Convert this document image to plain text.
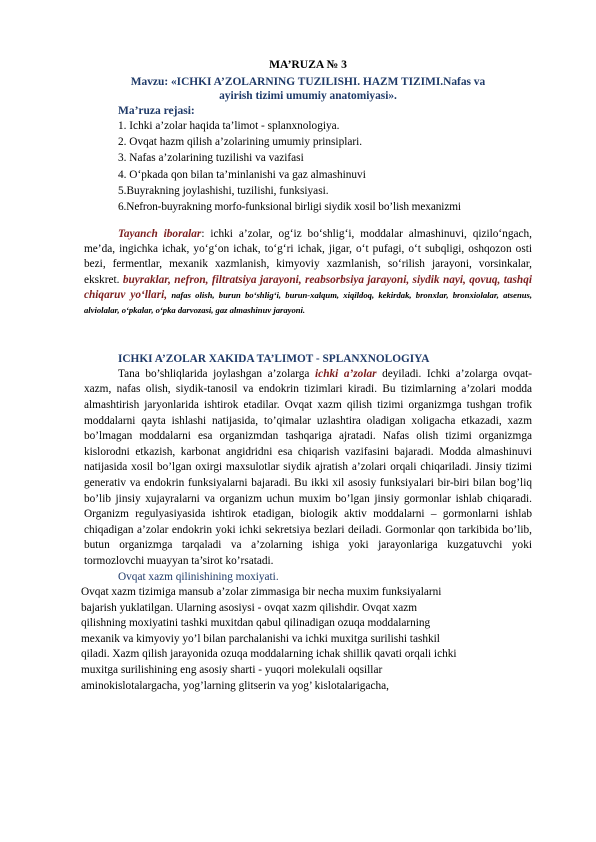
MA’RUZA № 3
Mavzu: «ICHKI A’ZOLARNING TUZILISHI. HAZM TIZIMI.Nafas va
ayirish tizimi umumiy anatomiyasi».
Ma’ruza rejasi:
1. Ichki a’zolar haqida ta’limot - splanxnologiya.
2. Ovqat hazm qilish a’zolarining umumiy prinsiplari.
3. Nafas a’zolarining tuzilishi va vazifasi
4. O‘pkada qon bilan ta’minlanishi va gaz almashinuvi
5.Buyrakning joylashishi, tuzilishi, funksiyasi.
6.Nefron-buyrakning morfo-funksional birligi siydik xosil bo’lish mexanizmi
Tayanch iboralar: ichki a’zolar, og‘iz bo‘shlig‘i, moddalar almashinuvi, qizilo‘ngach, me’da, ingichka ichak, yo‘g‘on ichak, to‘g‘ri ichak, jigar, o‘t pufagi, o‘t subqligi, oshqozon osti bezi, fermentlar, mexanik xazmlanish, kimyoviy xazmlanish, so‘rilish jarayoni, vorsinkalar, ekskret. buyraklar, nefron, filtratsiya jarayoni, reabsorbsiya jarayoni, siydik nayi, qovuq, tashqi chiqaruv yo‘llari, nafas olish, burun bo‘shlig‘i, burun-xalqum, xiqildoq, kekirdak, bronxlar, bronxiolalar, atsenus, alviolalar, o‘pkalar, o‘pka darvozasi, gaz almashinuv jarayoni.
ICHKI A’ZOLAR XAKIDA TA’LIMOT - SPLANXNOLOGIYA
Tana bo’shliqlarida joylashgan a’zolarga ichki a’zolar deyiladi. Ichki a’zolarga ovqat-xazm, nafas olish, siydik-tanosil va endokrin tizimlari kiradi. Bu tizimlarning a’zolari modda almashtirish jaryonlarida ishtirok etadilar. Ovqat xazm qilish tizimi organizmga tushgan trofik moddalarni qayta ishlashi natijasida, to’qimalar uzlashtira oladigan xoligacha etkazadi, xazm bo’lmagan moddalarni esa organizmdan tashqariga ajratadi. Nafas olish tizimi organizmga kislorodni etkazish, karbonat angidridni esa chiqarish vazifasini bajaradi. Modda almashinuvi natijasida xosil bo’lgan oxirgi maxsulotlar siydik ajratish a’zolari orqali chiqariladi. Jinsiy tizimi generativ va endokrin funksiyalarni bajaradi. Bu ikki xil asosiy funksiyalari bir-biri bilan bog’liq bo’lib jinsiy xujayralarni va organizm uchun muxim bo’lgan jinsiy gormonlar ishlab chiqaradi. Organizm regulyasiyasida ishtirok etadigan, biologik aktiv moddalarni – gormonlarni ishlab chiqadigan a’zolar endokrin yoki ichki sekretsiya bezlari deiladi. Gormonlar qon tarkibida bo’lib, butun organizmga tarqaladi va a’zolarning ishiga yoki jarayonlariga kuzgatuvchi yoki tormozlovchi muayyan ta’sirot ko’rsatadi.
Ovqat xazm qilinishining moxiyati.
Ovqat xazm tizimiga mansub a’zolar zimmasiga bir necha muxim funksiyalarni
bajarish yuklatilgan. Ularning asosiysi - ovqat xazm qilishdir. Ovqat xazm
qilishning moxiyatini tashki muxitdan qabul qilinadigan ozuqa moddalarning
mexanik va kimyoviy yo’l bilan parchalanishi va ichki muxitga surilishi tashkil
qiladi. Xazm qilish jarayonida ozuqa moddalarning ichak shillik qavati orqali ichki
muxitga surilishining eng asosiy sharti - yuqori molekulali oqsillar
aminokislotalargacha, yog’larning glitserin va yog’ kislotalarigacha,
